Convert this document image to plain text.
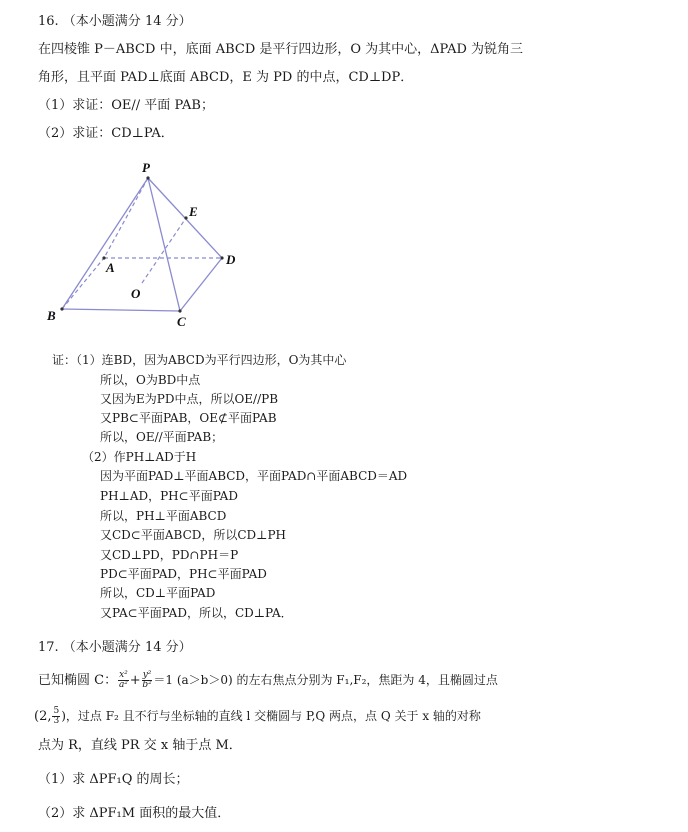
16. （本小题满分 14 分）
在四棱锥 P－ABCD 中，底面 ABCD 是平行四边形，O 为其中心，ΔPAD 为锐角三
角形，且平面 PAD⊥底面 ABCD，E 为 PD 的中点，CD⊥DP．
（1）求证：OE// 平面 PAB；
（2）求证：CD⊥PA．
P
E
A
D
O
B	C
证：（1）连BD，因为ABCD为平行四边形，O为其中心
所以，O为BD中点
又因为E为PD中点，所以OE//PB
又PB⊂平面PAB，OE⊄平面PAB
所以，OE//平面PAB；
（2）作PH⊥AD于H
因为平面PAD⊥平面ABCD，平面PAD∩平面ABCD＝AD
PH⊥AD，PH⊂平面PAD
所以，PH⊥平面ABCD
又CD⊂平面ABCD，所以CD⊥PH
又CD⊥PD，PD∩PH＝P
PD⊂平面PAD，PH⊂平面PAD
所以，CD⊥平面PAD
又PA⊂平面PAD，所以，CD⊥PA．
17. （本小题满分 14 分）
已知椭圆 C： $\frac{\text{x²}}{\text{a²}} + \frac{\text{y²}}{\text{b²}} =1$ (a＞b＞0) 的左右焦点分别为 F₁,F₂，焦距为 4，且椭圆过点
(2, $\frac{5}{3}$ )，过点 F₂ 且不行与坐标轴的直线 l 交椭圆与 P,Q 两点，点 Q 关于 x 轴的对称
点为 R，直线 PR 交 x 轴于点 M．
（1）求 ΔPF₁Q 的周长；
（2）求 ΔPF₁M 面积的最大值．
